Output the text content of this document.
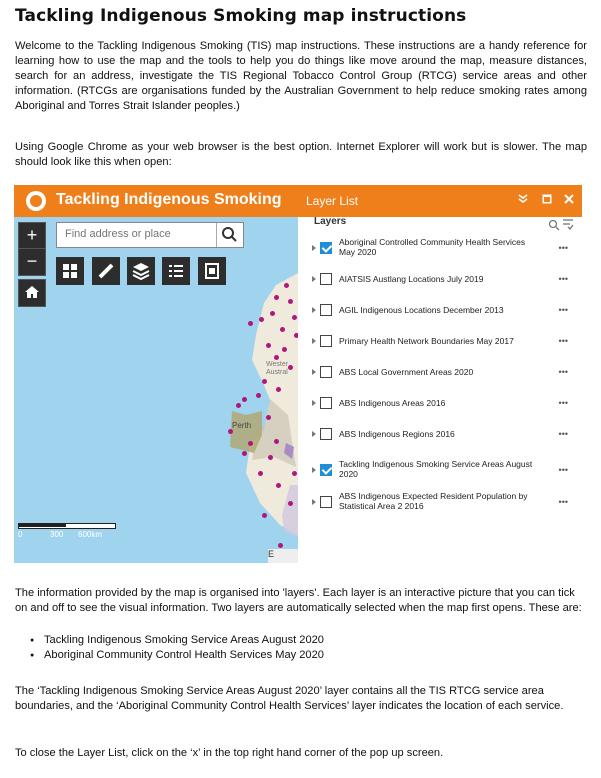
Tackling Indigenous Smoking map instructions

Welcome to the Tackling Indigenous Smoking (TIS) map instructions. These instructions are a handy reference for learning how to use the map and the tools to help you do things like move around the map, measure distances, search for an address, investigate the TIS Regional Tobacco Control Group (RTCG) service areas and other information. (RTCGs are organisations funded by the Australian Government to help reduce smoking rates among Aboriginal and Torres Strait Islander peoples.)

Using Google Chrome as your web browser is the best option. Internet Explorer will work but is slower. The map should look like this when open:

Wester Austral
Perth
Tackling Indigenous Smoking
+
−
Find address or place
0	300 600km
E
Layer List
Layers
Aboriginal Controlled Community Health Services May 2020	•••
AIATSIS Austlang Locations July 2019	•••
AGIL Indigenous Locations December 2013	•••
Primary Health Network Boundaries May 2017	•••
ABS Local Government Areas 2020	•••
ABS Indigenous Areas 2016	•••
ABS Indigenous Regions 2016	•••
Tackling Indigenous Smoking Service Areas August 2020	•••
ABS Indigenous Expected Resident Population by Statistical Area 2 2016	•••

The information provided by the map is organised into 'layers'. Each layer is an interactive picture that you can tick on and off to see the visual information. Two layers are automatically selected when the map first opens. These are:

● Tackling Indigenous Smoking Service Areas August 2020
● Aboriginal Community Control Health Services May 2020

The ‘Tackling Indigenous Smoking Service Areas August 2020’ layer contains all the TIS RTCG service area boundaries, and the ‘Aboriginal Community Control Health Services’ layer indicates the location of each service.

To close the Layer List, click on the ‘x’ in the top right hand corner of the pop up screen.
